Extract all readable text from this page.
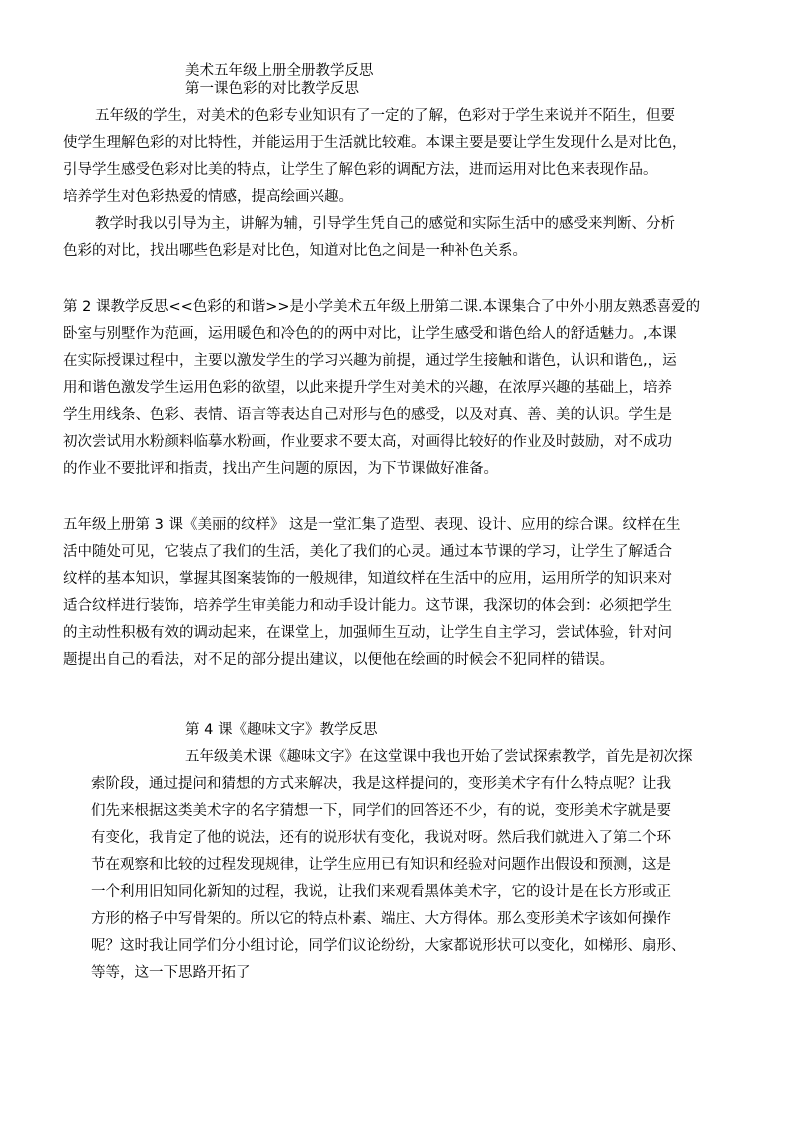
美术五年级上册全册教学反思

第一课色彩的对比教学反思

五年级的学生，对美术的色彩专业知识有了一定的了解，色彩对于学生来说并不陌生，但要

使学生理解色彩的对比特性，并能运用于生活就比较难。本课主要是要让学生发现什么是对比色，

引导学生感受色彩对比美的特点，让学生了解色彩的调配方法，进而运用对比色来表现作品。

培养学生对色彩热爱的情感，提高绘画兴趣。

教学时我以引导为主，讲解为辅，引导学生凭自己的感觉和实际生活中的感受来判断、分析

色彩的对比，找出哪些色彩是对比色，知道对比色之间是一种补色关系。

第 2 课教学反思<<色彩的和谐>>是小学美术五年级上册第二课.本课集合了中外小朋友熟悉喜爱的

卧室与别墅作为范画，运用暖色和冷色的的两中对比，让学生感受和谐色给人的舒适魅力。,本课

在实际授课过程中，主要以激发学生的学习兴趣为前提，通过学生接触和谐色，认识和谐色,，运

用和谐色激发学生运用色彩的欲望，以此来提升学生对美术的兴趣，在浓厚兴趣的基础上，培养

学生用线条、色彩、表情、语言等表达自己对形与色的感受，以及对真、善、美的认识。学生是

初次尝试用水粉颜料临摹水粉画，作业要求不要太高，对画得比较好的作业及时鼓励，对不成功

的作业不要批评和指责，找出产生问题的原因，为下节课做好准备。

五年级上册第 3 课《美丽的纹样》 这是一堂汇集了造型、表现、设计、应用的综合课。纹样在生

活中随处可见，它装点了我们的生活，美化了我们的心灵。通过本节课的学习，让学生了解适合

纹样的基本知识，掌握其图案装饰的一般规律，知道纹样在生活中的应用，运用所学的知识来对

适合纹样进行装饰，培养学生审美能力和动手设计能力。这节课，我深切的体会到：必须把学生

的主动性积极有效的调动起来，在课堂上，加强师生互动，让学生自主学习，尝试体验，针对问

题提出自己的看法，对不足的部分提出建议，以便他在绘画的时候会不犯同样的错误。

第 4 课《趣味文字》教学反思

五年级美术课《趣味文字》在这堂课中我也开始了尝试探索教学，首先是初次探

索阶段，通过提问和猜想的方式来解决，我是这样提问的，变形美术字有什么特点呢？让我

们先来根据这类美术字的名字猜想一下，同学们的回答还不少，有的说，变形美术字就是要

有变化，我肯定了他的说法，还有的说形状有变化，我说对呀。然后我们就进入了第二个环

节在观察和比较的过程发现规律，让学生应用已有知识和经验对问题作出假设和预测，这是

一个利用旧知同化新知的过程，我说，让我们来观看黑体美术字，它的设计是在长方形或正

方形的格子中写骨架的。所以它的特点朴素、端庄、大方得体。那么变形美术字该如何操作

呢？这时我让同学们分小组讨论，同学们议论纷纷，大家都说形状可以变化，如梯形、扇形、

等等，这一下思路开拓了
